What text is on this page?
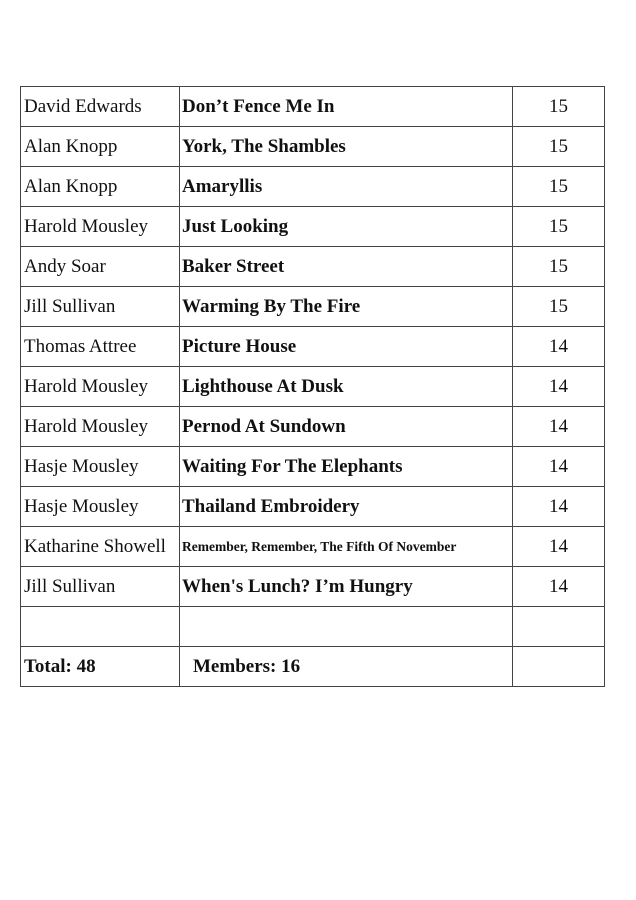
David Edwards	Don’t Fence Me In	15
Alan Knopp	York, The Shambles	15
Alan Knopp	Amaryllis	15
Harold Mousley	Just Looking	15
Andy Soar	Baker Street	15
Jill Sullivan	Warming By The Fire	15
Thomas Attree	Picture House	14
Harold Mousley	Lighthouse At Dusk	14
Harold Mousley	Pernod At Sundown	14
Hasje Mousley	Waiting For The Elephants	14
Hasje Mousley	Thailand Embroidery	14
Katharine Showell	Remember, Remember, The Fifth Of November	14
Jill Sullivan	When's Lunch? I’m Hungry	14

Total: 48	Members: 16	
